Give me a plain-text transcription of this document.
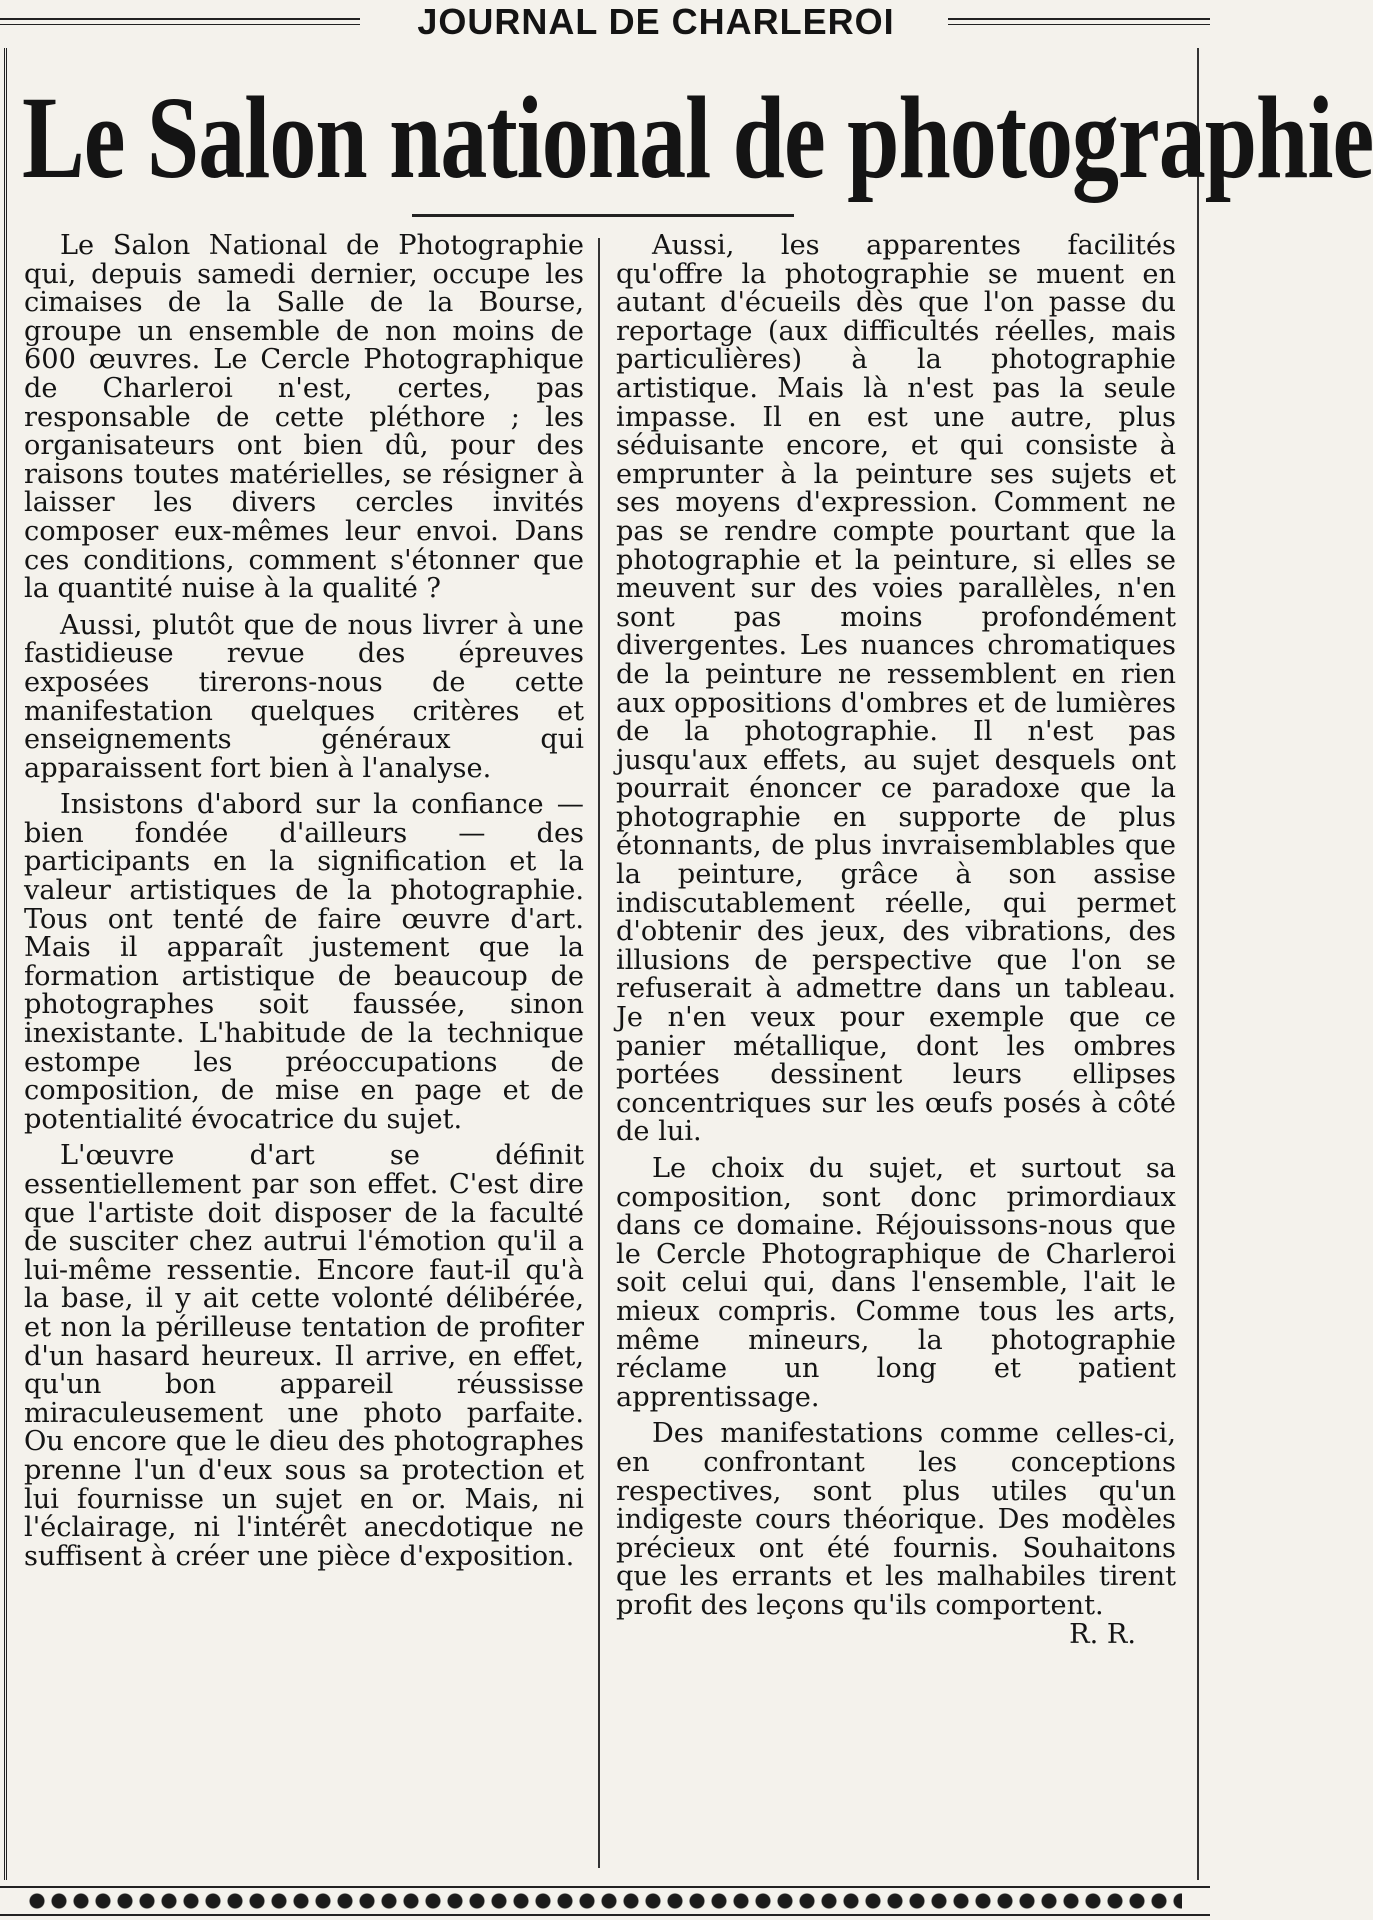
JOURNAL DE CHARLEROI
Le Salon national de photographie

Le Salon National de Photographie qui, depuis samedi dernier, occupe les cimaises de la Salle de la Bourse, groupe un ensemble de non moins de 600 œuvres. Le Cercle Photographique de Charleroi n'est, certes, pas responsable de cette pléthore ; les organisateurs ont bien dû, pour des raisons toutes matérielles, se résigner à laisser les divers cercles invités composer eux-mêmes leur envoi. Dans ces conditions, comment s'étonner que la quantité nuise à la qualité ?

Aussi, plutôt que de nous livrer à une fastidieuse revue des épreuves exposées tirerons-nous de cette manifestation quelques critères et enseignements généraux qui apparaissent fort bien à l'analyse.

Insistons d'abord sur la confiance — bien fondée d'ailleurs — des participants en la signification et la valeur artistiques de la photographie. Tous ont tenté de faire œuvre d'art. Mais il apparaît justement que la formation artistique de beaucoup de photographes soit faussée, sinon inexistante. L'habitude de la technique estompe les préoccupations de composition, de mise en page et de potentialité évocatrice du sujet.

L'œuvre d'art se définit essentiellement par son effet. C'est dire que l'artiste doit disposer de la faculté de susciter chez autrui l'émotion qu'il a lui-même ressentie. Encore faut-il qu'à la base, il y ait cette volonté délibérée, et non la périlleuse tentation de profiter d'un hasard heureux. Il arrive, en effet, qu'un bon appareil réussisse miraculeusement une photo parfaite. Ou encore que le dieu des photographes prenne l'un d'eux sous sa protection et lui fournisse un sujet en or. Mais, ni l'éclairage, ni l'intérêt anecdotique ne suffisent à créer une pièce d'exposition.

Aussi, les apparentes facilités qu'offre la photographie se muent en autant d'écueils dès que l'on passe du reportage (aux difficultés réelles, mais particulières) à la photographie artistique. Mais là n'est pas la seule impasse. Il en est une autre, plus séduisante encore, et qui consiste à emprunter à la peinture ses sujets et ses moyens d'expression. Comment ne pas se rendre compte pourtant que la photographie et la peinture, si elles se meuvent sur des voies parallèles, n'en sont pas moins profondément divergentes. Les nuances chromatiques de la peinture ne ressemblent en rien aux oppositions d'ombres et de lumières de la photographie. Il n'est pas jusqu'aux effets, au sujet desquels ont pourrait énoncer ce paradoxe que la photographie en supporte de plus étonnants, de plus invraisemblables que la peinture, grâce à son assise indiscutablement réelle, qui permet d'obtenir des jeux, des vibrations, des illusions de perspective que l'on se refuserait à admettre dans un tableau. Je n'en veux pour exemple que ce panier métallique, dont les ombres portées dessinent leurs ellipses concentriques sur les œufs posés à côté de lui.

Le choix du sujet, et surtout sa composition, sont donc primordiaux dans ce domaine. Réjouissons-nous que le Cercle Photographique de Charleroi soit celui qui, dans l'ensemble, l'ait le mieux compris. Comme tous les arts, même mineurs, la photographie réclame un long et patient apprentissage.

Des manifestations comme celles-ci, en confrontant les conceptions respectives, sont plus utiles qu'un indigeste cours théorique. Des modèles précieux ont été fournis. Souhaitons que les errants et les malhabiles tirent profit des leçons qu'ils comportent.

R. R.
